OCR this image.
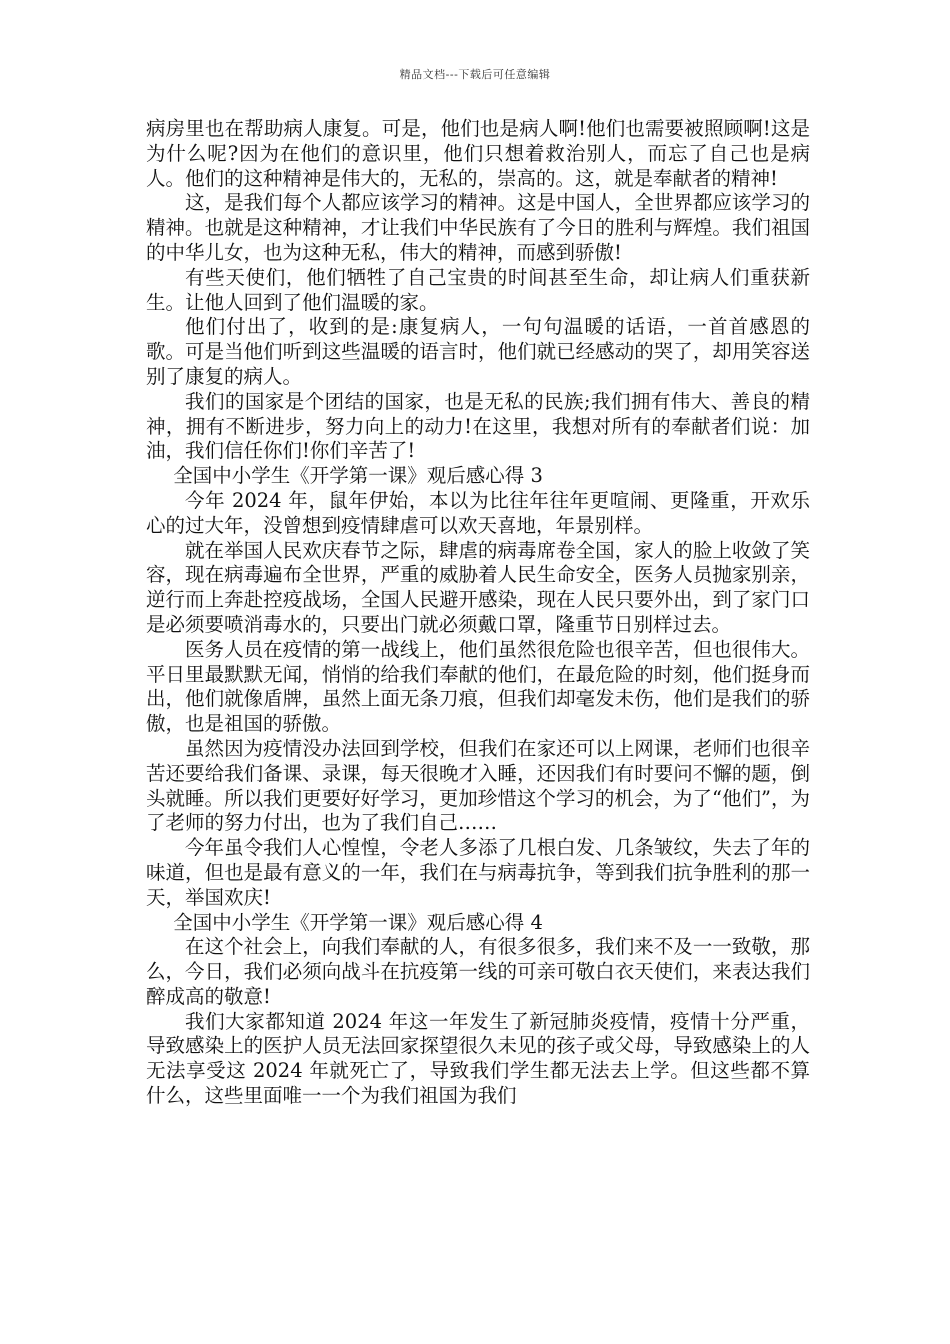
精品文档---下载后可任意编辑

病房里也在帮助病人康复。可是，他们也是病人啊!他们也需要被照顾啊!这是为什么呢?因为在他们的意识里，他们只想着救治别人，而忘了自己也是病人。他们的这种精神是伟大的，无私的，崇高的。这，就是奉献者的精神!

这，是我们每个人都应该学习的精神。这是中国人，全世界都应该学习的精神。也就是这种精神，才让我们中华民族有了今日的胜利与辉煌。我们祖国的中华儿女，也为这种无私，伟大的精神，而感到骄傲!

有些天使们，他们牺牲了自己宝贵的时间甚至生命，却让病人们重获新生。让他人回到了他们温暖的家。

他们付出了，收到的是:康复病人，一句句温暖的话语，一首首感恩的歌。可是当他们听到这些温暖的语言时，他们就已经感动的哭了，却用笑容送别了康复的病人。

我们的国家是个团结的国家，也是无私的民族;我们拥有伟大、善良的精神，拥有不断进步，努力向上的动力!在这里，我想对所有的奉献者们说：加油，我们信任你们!你们辛苦了!

全国中小学生《开学第一课》观后感心得 3

今年 2024 年，鼠年伊始，本以为比往年往年更喧闹、更隆重，开欢乐心的过大年，没曾想到疫情肆虐可以欢天喜地，年景别样。

就在举国人民欢庆春节之际，肆虐的病毒席卷全国，家人的脸上收敛了笑容，现在病毒遍布全世界，严重的威胁着人民生命安全，医务人员抛家别亲，逆行而上奔赴控疫战场，全国人民避开感染，现在人民只要外出，到了家门口是必须要喷消毒水的，只要出门就必须戴口罩，隆重节日别样过去。

医务人员在疫情的第一战线上，他们虽然很危险也很辛苦，但也很伟大。平日里最默默无闻，悄悄的给我们奉献的他们，在最危险的时刻，他们挺身而出，他们就像盾牌，虽然上面无条刀痕，但我们却毫发未伤，他们是我们的骄傲，也是祖国的骄傲。

虽然因为疫情没办法回到学校，但我们在家还可以上网课，老师们也很辛苦还要给我们备课、录课，每天很晚才入睡，还因我们有时要问不懈的题，倒头就睡。所以我们更要好好学习，更加珍惜这个学习的机会，为了“他们”，为了老师的努力付出，也为了我们自己……

今年虽令我们人心惶惶，令老人多添了几根白发、几条皱纹，失去了年的味道，但也是最有意义的一年，我们在与病毒抗争，等到我们抗争胜利的那一天，举国欢庆!

全国中小学生《开学第一课》观后感心得 4

在这个社会上，向我们奉献的人，有很多很多，我们来不及一一致敬，那么，今日，我们必须向战斗在抗疫第一线的可亲可敬白衣天使们，来表达我们醉成高的敬意!

我们大家都知道 2024 年这一年发生了新冠肺炎疫情，疫情十分严重，导致感染上的医护人员无法回家探望很久未见的孩子或父母，导致感染上的人无法享受这 2024 年就死亡了，导致我们学生都无法去上学。但这些都不算什么，这些里面唯一一个为我们祖国为我们
